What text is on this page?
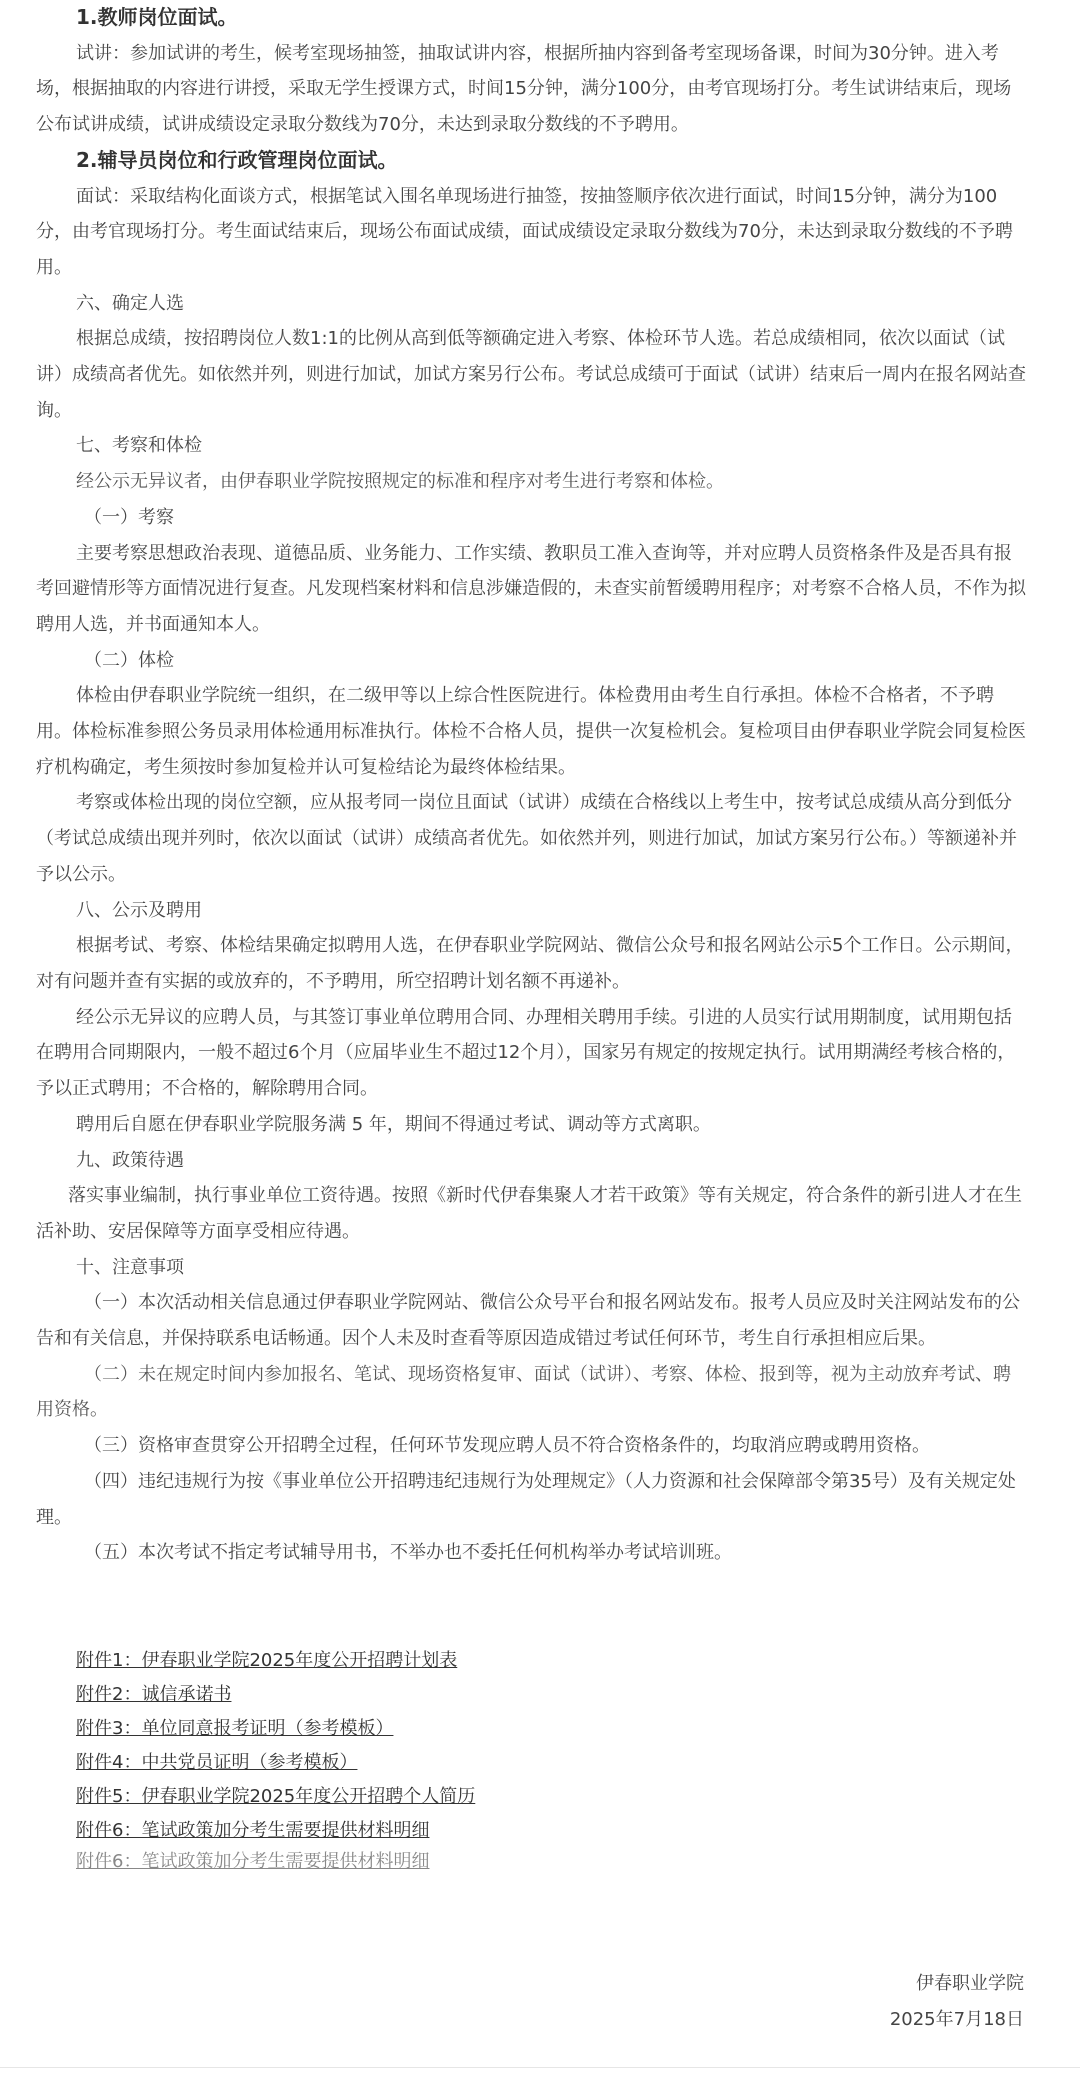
1.教师岗位面试。

试讲：参加试讲的考生，候考室现场抽签，抽取试讲内容，根据所抽内容到备考室现场备课，时间为30分钟。进入考场，根据抽取的内容进行讲授，采取无学生授课方式，时间15分钟，满分100分，由考官现场打分。考生试讲结束后，现场公布试讲成绩，试讲成绩设定录取分数线为70分，未达到录取分数线的不予聘用。

2.辅导员岗位和行政管理岗位面试。

面试：采取结构化面谈方式，根据笔试入围名单现场进行抽签，按抽签顺序依次进行面试，时间15分钟，满分为100分，由考官现场打分。考生面试结束后，现场公布面试成绩，面试成绩设定录取分数线为70分，未达到录取分数线的不予聘用。

六、确定人选

根据总成绩，按招聘岗位人数1:1的比例从高到低等额确定进入考察、体检环节人选。若总成绩相同，依次以面试（试讲）成绩高者优先。如依然并列，则进行加试，加试方案另行公布。考试总成绩可于面试（试讲）结束后一周内在报名网站查询。

七、考察和体检

经公示无异议者，由伊春职业学院按照规定的标准和程序对考生进行考察和体检。

（一）考察

主要考察思想政治表现、道德品质、业务能力、工作实绩、教职员工准入查询等，并对应聘人员资格条件及是否具有报考回避情形等方面情况进行复查。凡发现档案材料和信息涉嫌造假的，未查实前暂缓聘用程序；对考察不合格人员，不作为拟聘用人选，并书面通知本人。

（二）体检

体检由伊春职业学院统一组织，在二级甲等以上综合性医院进行。体检费用由考生自行承担。体检不合格者，不予聘用。体检标准参照公务员录用体检通用标准执行。体检不合格人员，提供一次复检机会。复检项目由伊春职业学院会同复检医疗机构确定，考生须按时参加复检并认可复检结论为最终体检结果。

考察或体检出现的岗位空额，应从报考同一岗位且面试（试讲）成绩在合格线以上考生中，按考试总成绩从高分到低分（考试总成绩出现并列时，依次以面试（试讲）成绩高者优先。如依然并列，则进行加试，加试方案另行公布。）等额递补并予以公示。

八、公示及聘用

根据考试、考察、体检结果确定拟聘用人选，在伊春职业学院网站、微信公众号和报名网站公示5个工作日。公示期间，对有问题并查有实据的或放弃的，不予聘用，所空招聘计划名额不再递补。

经公示无异议的应聘人员，与其签订事业单位聘用合同、办理相关聘用手续。引进的人员实行试用期制度，试用期包括在聘用合同期限内，一般不超过6个月（应届毕业生不超过12个月），国家另有规定的按规定执行。试用期满经考核合格的，予以正式聘用；不合格的，解除聘用合同。

聘用后自愿在伊春职业学院服务满 5 年，期间不得通过考试、调动等方式离职。

九、政策待遇

落实事业编制，执行事业单位工资待遇。按照《新时代伊春集聚人才若干政策》等有关规定，符合条件的新引进人才在生活补助、安居保障等方面享受相应待遇。

十、注意事项

（一）本次活动相关信息通过伊春职业学院网站、微信公众号平台和报名网站发布。报考人员应及时关注网站发布的公告和有关信息，并保持联系电话畅通。因个人未及时查看等原因造成错过考试任何环节，考生自行承担相应后果。

（二）未在规定时间内参加报名、笔试、现场资格复审、面试（试讲）、考察、体检、报到等，视为主动放弃考试、聘用资格。

（三）资格审查贯穿公开招聘全过程，任何环节发现应聘人员不符合资格条件的，均取消应聘或聘用资格。

（四）违纪违规行为按《事业单位公开招聘违纪违规行为处理规定》（人力资源和社会保障部令第35号）及有关规定处理。

（五）本次考试不指定考试辅导用书，不举办也不委托任何机构举办考试培训班。

附件1：伊春职业学院2025年度公开招聘计划表
附件2：诚信承诺书
附件3：单位同意报考证明（参考模板）
附件4：中共党员证明（参考模板）
附件5：伊春职业学院2025年度公开招聘个人简历
附件6：笔试政策加分考生需要提供材料明细
附件6：笔试政策加分考生需要提供材料明细
伊春职业学院
2025年7月18日
